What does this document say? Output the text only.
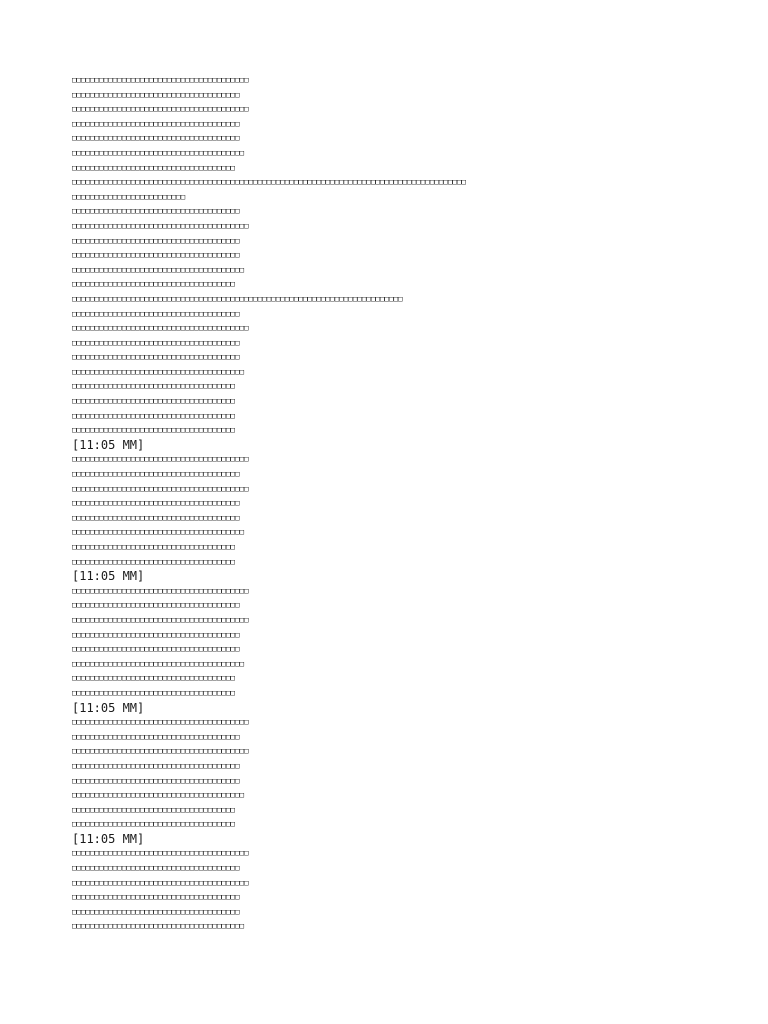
□□□□□□□□□□□□□□□□□□□□□□□□□□□□□□□□□□□□□□□
□□□□□□□□□□□□□□□□□□□□□□□□□□□□□□□□□□□□□
□□□□□□□□□□□□□□□□□□□□□□□□□□□□□□□□□□□□□□□
□□□□□□□□□□□□□□□□□□□□□□□□□□□□□□□□□□□□□
□□□□□□□□□□□□□□□□□□□□□□□□□□□□□□□□□□□□□
□□□□□□□□□□□□□□□□□□□□□□□□□□□□□□□□□□□□□□
□□□□□□□□□□□□□□□□□□□□□□□□□□□□□□□□□□□□
□□□□□□□□□□□□□□□□□□□□□□□□□□□□□□□□□□□□□□□□□□□□□□□□□□□□□□□□□□□□□□□□□□□□□□□□□□□□□□□□□□□□□□□
□□□□□□□□□□□□□□□□□□□□□□□□□
□□□□□□□□□□□□□□□□□□□□□□□□□□□□□□□□□□□□□
□□□□□□□□□□□□□□□□□□□□□□□□□□□□□□□□□□□□□□□
□□□□□□□□□□□□□□□□□□□□□□□□□□□□□□□□□□□□□
□□□□□□□□□□□□□□□□□□□□□□□□□□□□□□□□□□□□□
□□□□□□□□□□□□□□□□□□□□□□□□□□□□□□□□□□□□□□
□□□□□□□□□□□□□□□□□□□□□□□□□□□□□□□□□□□□
□□□□□□□□□□□□□□□□□□□□□□□□□□□□□□□□□□□□□□□□□□□□□□□□□□□□□□□□□□□□□□□□□□□□□□□□□
□□□□□□□□□□□□□□□□□□□□□□□□□□□□□□□□□□□□□
□□□□□□□□□□□□□□□□□□□□□□□□□□□□□□□□□□□□□□□
□□□□□□□□□□□□□□□□□□□□□□□□□□□□□□□□□□□□□
□□□□□□□□□□□□□□□□□□□□□□□□□□□□□□□□□□□□□
□□□□□□□□□□□□□□□□□□□□□□□□□□□□□□□□□□□□□□
□□□□□□□□□□□□□□□□□□□□□□□□□□□□□□□□□□□□
□□□□□□□□□□□□□□□□□□□□□□□□□□□□□□□□□□□□
□□□□□□□□□□□□□□□□□□□□□□□□□□□□□□□□□□□□
□□□□□□□□□□□□□□□□□□□□□□□□□□□□□□□□□□□□
[11:05 MM]
□□□□□□□□□□□□□□□□□□□□□□□□□□□□□□□□□□□□□□□
□□□□□□□□□□□□□□□□□□□□□□□□□□□□□□□□□□□□□
□□□□□□□□□□□□□□□□□□□□□□□□□□□□□□□□□□□□□□□
□□□□□□□□□□□□□□□□□□□□□□□□□□□□□□□□□□□□□
□□□□□□□□□□□□□□□□□□□□□□□□□□□□□□□□□□□□□
□□□□□□□□□□□□□□□□□□□□□□□□□□□□□□□□□□□□□□
□□□□□□□□□□□□□□□□□□□□□□□□□□□□□□□□□□□□
□□□□□□□□□□□□□□□□□□□□□□□□□□□□□□□□□□□□
[11:05 MM]
□□□□□□□□□□□□□□□□□□□□□□□□□□□□□□□□□□□□□□□
□□□□□□□□□□□□□□□□□□□□□□□□□□□□□□□□□□□□□
□□□□□□□□□□□□□□□□□□□□□□□□□□□□□□□□□□□□□□□
□□□□□□□□□□□□□□□□□□□□□□□□□□□□□□□□□□□□□
□□□□□□□□□□□□□□□□□□□□□□□□□□□□□□□□□□□□□
□□□□□□□□□□□□□□□□□□□□□□□□□□□□□□□□□□□□□□
□□□□□□□□□□□□□□□□□□□□□□□□□□□□□□□□□□□□
□□□□□□□□□□□□□□□□□□□□□□□□□□□□□□□□□□□□
[11:05 MM]
□□□□□□□□□□□□□□□□□□□□□□□□□□□□□□□□□□□□□□□
□□□□□□□□□□□□□□□□□□□□□□□□□□□□□□□□□□□□□
□□□□□□□□□□□□□□□□□□□□□□□□□□□□□□□□□□□□□□□
□□□□□□□□□□□□□□□□□□□□□□□□□□□□□□□□□□□□□
□□□□□□□□□□□□□□□□□□□□□□□□□□□□□□□□□□□□□
□□□□□□□□□□□□□□□□□□□□□□□□□□□□□□□□□□□□□□
□□□□□□□□□□□□□□□□□□□□□□□□□□□□□□□□□□□□
□□□□□□□□□□□□□□□□□□□□□□□□□□□□□□□□□□□□
[11:05 MM]
□□□□□□□□□□□□□□□□□□□□□□□□□□□□□□□□□□□□□□□
□□□□□□□□□□□□□□□□□□□□□□□□□□□□□□□□□□□□□
□□□□□□□□□□□□□□□□□□□□□□□□□□□□□□□□□□□□□□□
□□□□□□□□□□□□□□□□□□□□□□□□□□□□□□□□□□□□□
□□□□□□□□□□□□□□□□□□□□□□□□□□□□□□□□□□□□□
□□□□□□□□□□□□□□□□□□□□□□□□□□□□□□□□□□□□□□
